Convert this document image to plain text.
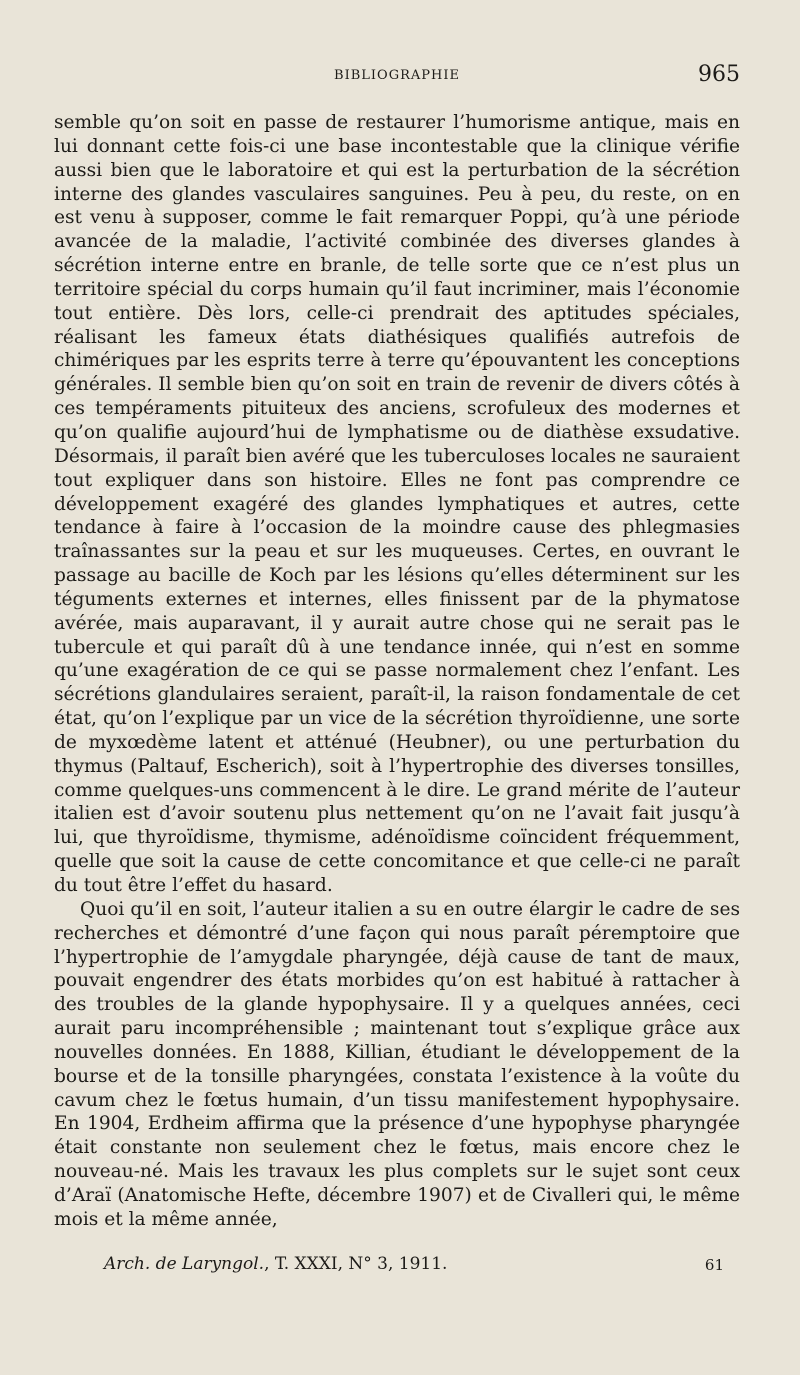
BIBLIOGRAPHIE	965

semble qu’on soit en passe de restaurer l’humorisme antique, mais en lui donnant cette fois-ci une base incontestable que la clinique vérifie aussi bien que le laboratoire et qui est la perturbation de la sécrétion interne des glandes vasculaires sanguines. Peu à peu, du reste, on en est venu à supposer, comme le fait remarquer Poppi, qu’à une période avancée de la maladie, l’activité combinée des diverses glandes à sécrétion interne entre en branle, de telle sorte que ce n’est plus un territoire spécial du corps humain qu’il faut incriminer, mais l’économie tout entière. Dès lors, celle-ci prendrait des aptitudes spéciales, réalisant les fameux états diathésiques qualifiés autrefois de chimériques par les esprits terre à terre qu’épouvantent les conceptions générales. Il semble bien qu’on soit en train de revenir de divers côtés à ces tempéraments pituiteux des anciens, scrofuleux des modernes et qu’on qualifie aujourd’hui de lymphatisme ou de diathèse exsudative. Désormais, il paraît bien avéré que les tuberculoses locales ne sauraient tout expliquer dans son histoire. Elles ne font pas comprendre ce développement exagéré des glandes lymphatiques et autres, cette tendance à faire à l’occasion de la moindre cause des phlegmasies traînassantes sur la peau et sur les muqueuses. Certes, en ouvrant le passage au bacille de Koch par les lésions qu’elles déterminent sur les téguments externes et internes, elles finissent par de la phymatose avérée, mais auparavant, il y aurait autre chose qui ne serait pas le tubercule et qui paraît dû à une tendance innée, qui n’est en somme qu’une exagération de ce qui se passe normalement chez l’enfant. Les sécrétions glandulaires seraient, paraît-il, la raison fondamentale de cet état, qu’on l’explique par un vice de la sécrétion thyroïdienne, une sorte de myxœdème latent et atténué (Heubner), ou une perturbation du thymus (Paltauf, Escherich), soit à l’hypertrophie des diverses tonsilles, comme quelques-uns commencent à le dire. Le grand mérite de l’auteur italien est d’avoir soutenu plus nettement qu’on ne l’avait fait jusqu’à lui, que thyroïdisme, thymisme, adénoïdisme coïncident fréquemment, quelle que soit la cause de cette concomitance et que celle-ci ne paraît du tout être l’effet du hasard.

Quoi qu’il en soit, l’auteur italien a su en outre élargir le cadre de ses recherches et démontré d’une façon qui nous paraît péremptoire que l’hypertrophie de l’amygdale pharyngée, déjà cause de tant de maux, pouvait engendrer des états morbides qu’on est habitué à rattacher à des troubles de la glande hypophysaire. Il y a quelques années, ceci aurait paru incompréhensible ; maintenant tout s’explique grâce aux nouvelles données. En 1888, Killian, étudiant le développement de la bourse et de la tonsille pharyngées, constata l’existence à la voûte du cavum chez le fœtus humain, d’un tissu manifestement hypophysaire. En 1904, Erdheim affirma que la présence d’une hypophyse pharyngée était constante non seulement chez le fœtus, mais encore chez le nouveau-né. Mais les travaux les plus complets sur le sujet sont ceux d’Araï (Anatomische Hefte, décembre 1907) et de Civalleri qui, le même mois et la même année,

Arch. de Laryngol., T. XXXI, N° 3, 1911.	61
